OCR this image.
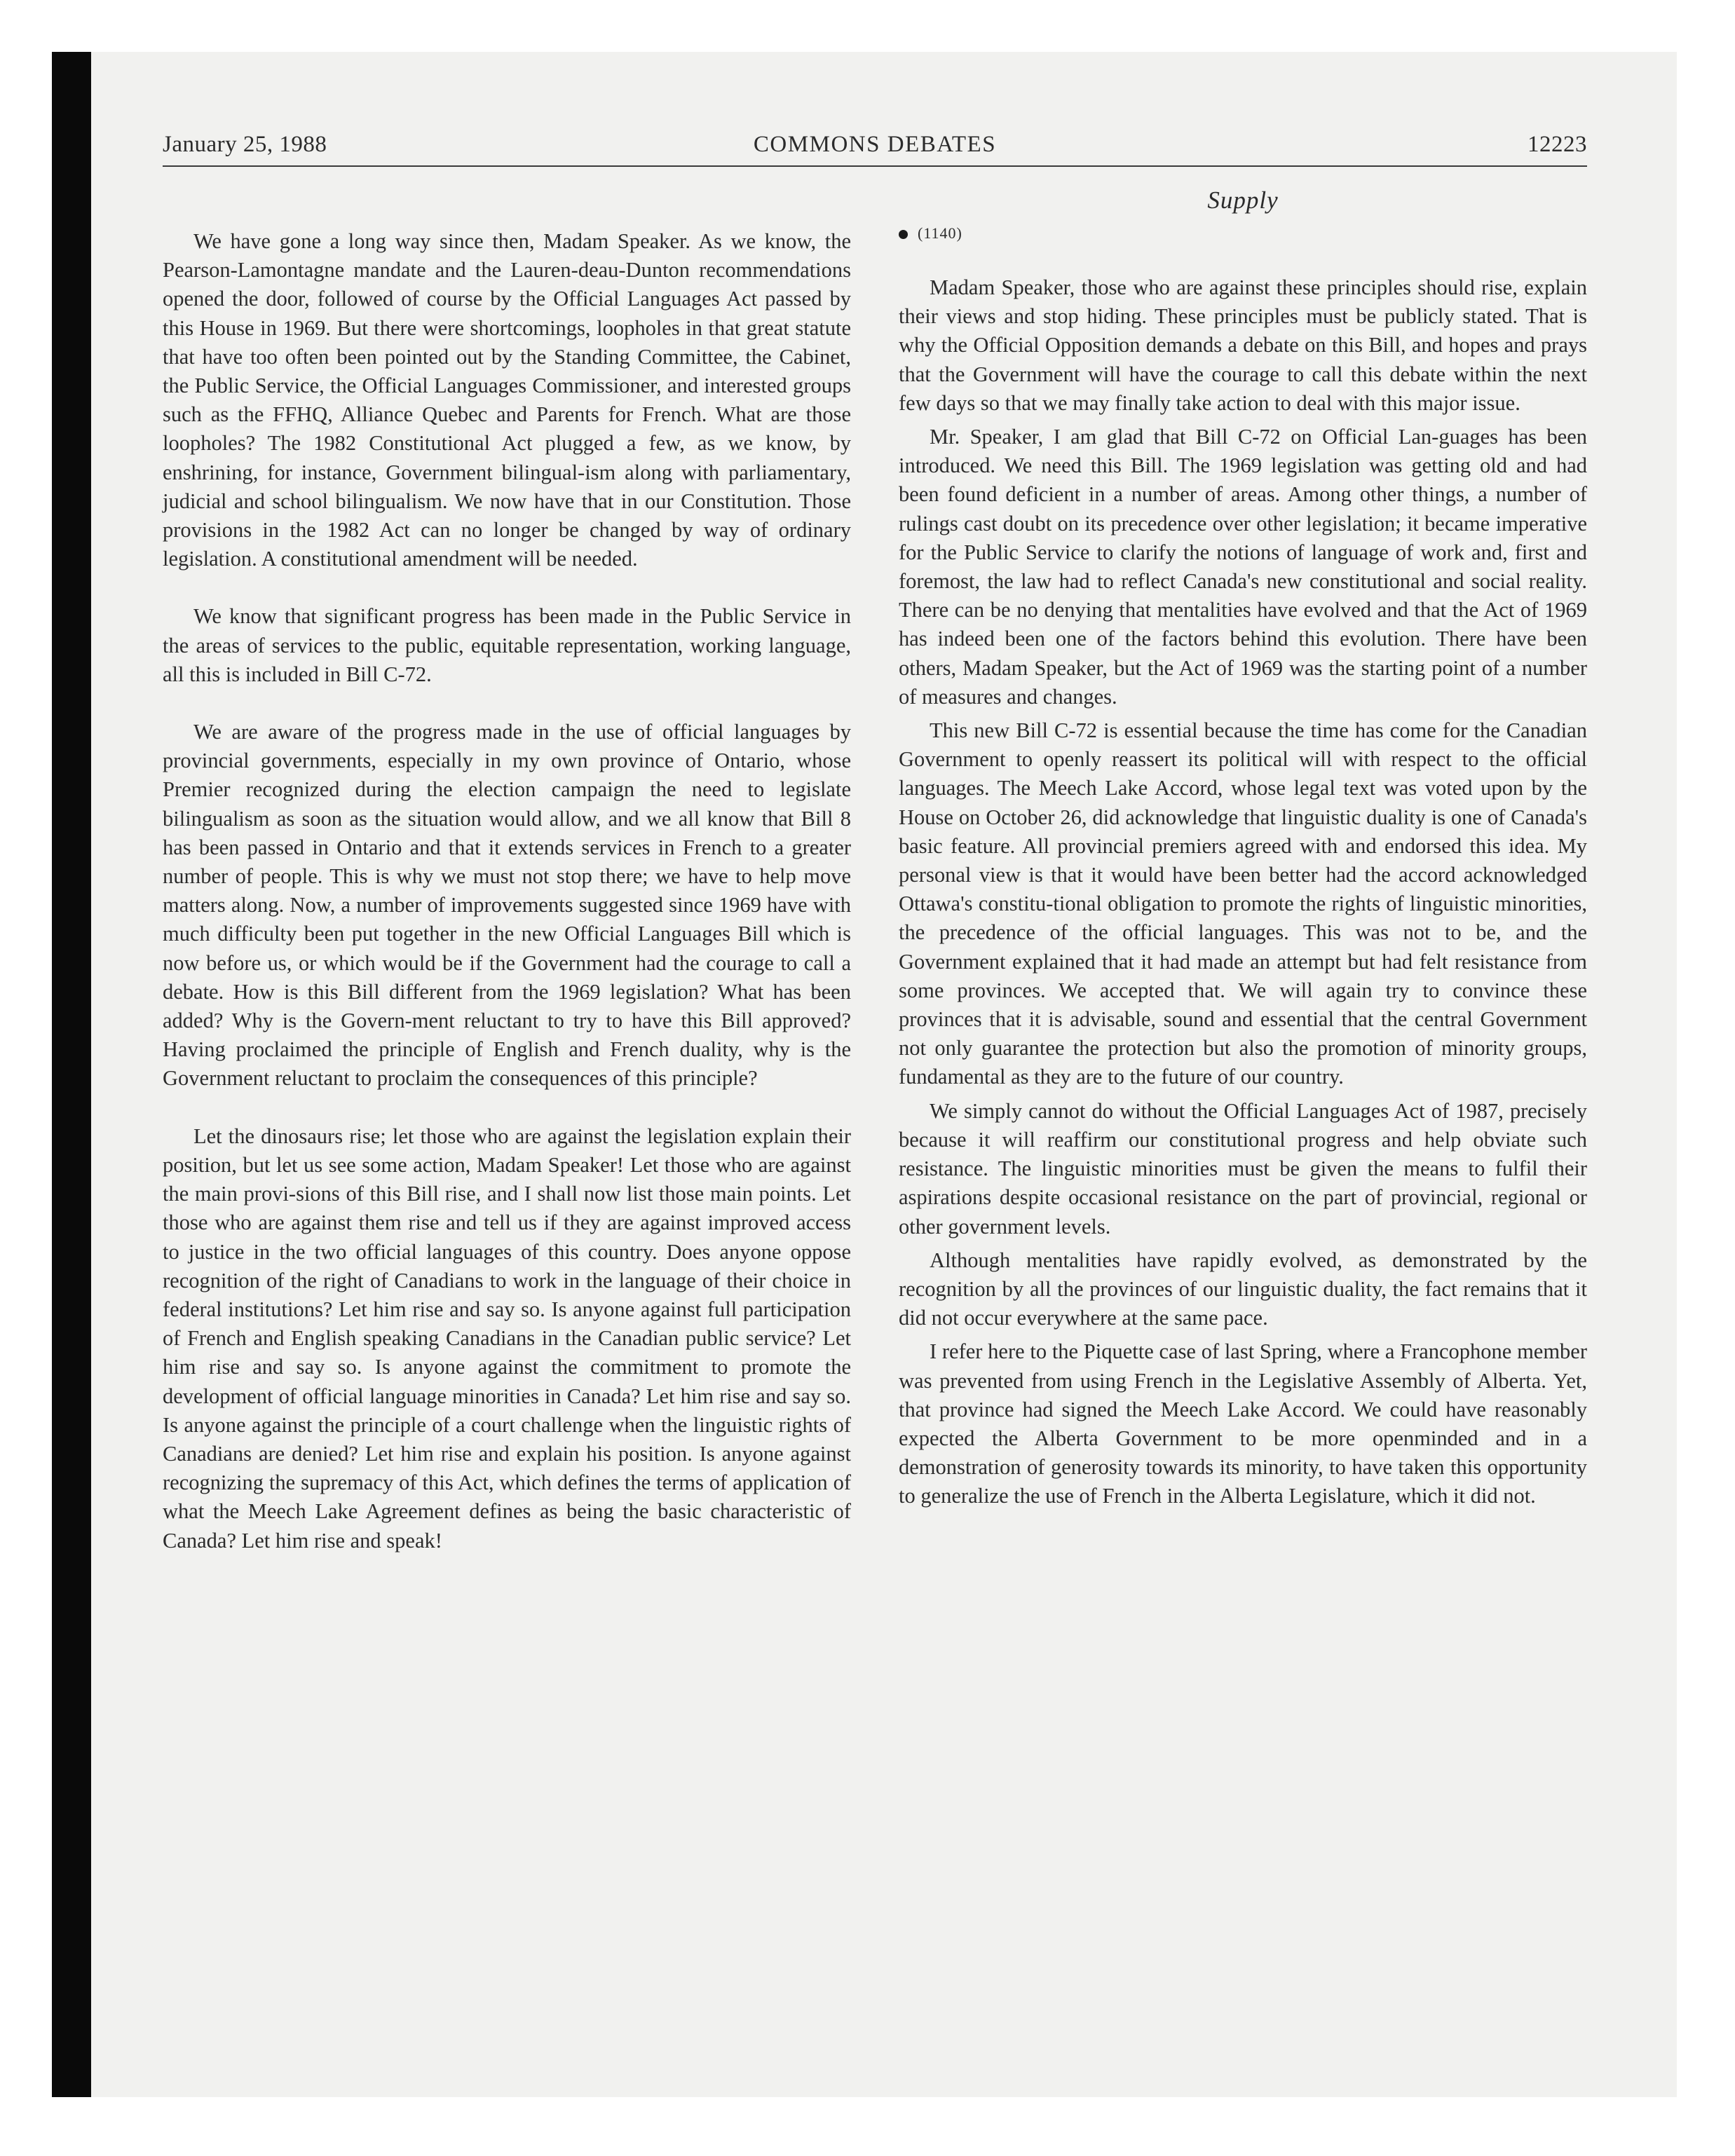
January 25, 1988	COMMONS DEBATES	12223
Supply

We have gone a long way since then, Madam Speaker. As we know, the Pearson-Lamontagne mandate and the Lauren-deau-Dunton recommendations opened the door, followed of course by the Official Languages Act passed by this House in 1969. But there were shortcomings, loopholes in that great statute that have too often been pointed out by the Standing Committee, the Cabinet, the Public Service, the Official Languages Commissioner, and interested groups such as the FFHQ, Alliance Quebec and Parents for French. What are those loopholes? The 1982 Constitutional Act plugged a few, as we know, by enshrining, for instance, Government bilingual-ism along with parliamentary, judicial and school bilingualism. We now have that in our Constitution. Those provisions in the 1982 Act can no longer be changed by way of ordinary legislation. A constitutional amendment will be needed.

We know that significant progress has been made in the Public Service in the areas of services to the public, equitable representation, working language, all this is included in Bill C-72.

We are aware of the progress made in the use of official languages by provincial governments, especially in my own province of Ontario, whose Premier recognized during the election campaign the need to legislate bilingualism as soon as the situation would allow, and we all know that Bill 8 has been passed in Ontario and that it extends services in French to a greater number of people. This is why we must not stop there; we have to help move matters along. Now, a number of improvements suggested since 1969 have with much difficulty been put together in the new Official Languages Bill which is now before us, or which would be if the Government had the courage to call a debate. How is this Bill different from the 1969 legislation? What has been added? Why is the Govern-ment reluctant to try to have this Bill approved? Having proclaimed the principle of English and French duality, why is the Government reluctant to proclaim the consequences of this principle?

Let the dinosaurs rise; let those who are against the legislation explain their position, but let us see some action, Madam Speaker! Let those who are against the main provi-sions of this Bill rise, and I shall now list those main points. Let those who are against them rise and tell us if they are against improved access to justice in the two official languages of this country. Does anyone oppose recognition of the right of Canadians to work in the language of their choice in federal institutions? Let him rise and say so. Is anyone against full participation of French and English speaking Canadians in the Canadian public service? Let him rise and say so. Is anyone against the commitment to promote the development of official language minorities in Canada? Let him rise and say so. Is anyone against the principle of a court challenge when the linguistic rights of Canadians are denied? Let him rise and explain his position. Is anyone against recognizing the supremacy of this Act, which defines the terms of application of what the Meech Lake Agreement defines as being the basic characteristic of Canada? Let him rise and speak!

(1140)

Madam Speaker, those who are against these principles should rise, explain their views and stop hiding. These principles must be publicly stated. That is why the Official Opposition demands a debate on this Bill, and hopes and prays that the Government will have the courage to call this debate within the next few days so that we may finally take action to deal with this major issue.

Mr. Speaker, I am glad that Bill C-72 on Official Lan-guages has been introduced. We need this Bill. The 1969 legislation was getting old and had been found deficient in a number of areas. Among other things, a number of rulings cast doubt on its precedence over other legislation; it became imperative for the Public Service to clarify the notions of language of work and, first and foremost, the law had to reflect Canada's new constitutional and social reality. There can be no denying that mentalities have evolved and that the Act of 1969 has indeed been one of the factors behind this evolution. There have been others, Madam Speaker, but the Act of 1969 was the starting point of a number of measures and changes.

This new Bill C-72 is essential because the time has come for the Canadian Government to openly reassert its political will with respect to the official languages. The Meech Lake Accord, whose legal text was voted upon by the House on October 26, did acknowledge that linguistic duality is one of Canada's basic feature. All provincial premiers agreed with and endorsed this idea. My personal view is that it would have been better had the accord acknowledged Ottawa's constitu-tional obligation to promote the rights of linguistic minorities, the precedence of the official languages. This was not to be, and the Government explained that it had made an attempt but had felt resistance from some provinces. We accepted that. We will again try to convince these provinces that it is advisable, sound and essential that the central Government not only guarantee the protection but also the promotion of minority groups, fundamental as they are to the future of our country.

We simply cannot do without the Official Languages Act of 1987, precisely because it will reaffirm our constitutional progress and help obviate such resistance. The linguistic minorities must be given the means to fulfil their aspirations despite occasional resistance on the part of provincial, regional or other government levels.

Although mentalities have rapidly evolved, as demonstrated by the recognition by all the provinces of our linguistic duality, the fact remains that it did not occur everywhere at the same pace.

I refer here to the Piquette case of last Spring, where a Francophone member was prevented from using French in the Legislative Assembly of Alberta. Yet, that province had signed the Meech Lake Accord. We could have reasonably expected the Alberta Government to be more openminded and in a demonstration of generosity towards its minority, to have taken this opportunity to generalize the use of French in the Alberta Legislature, which it did not.
